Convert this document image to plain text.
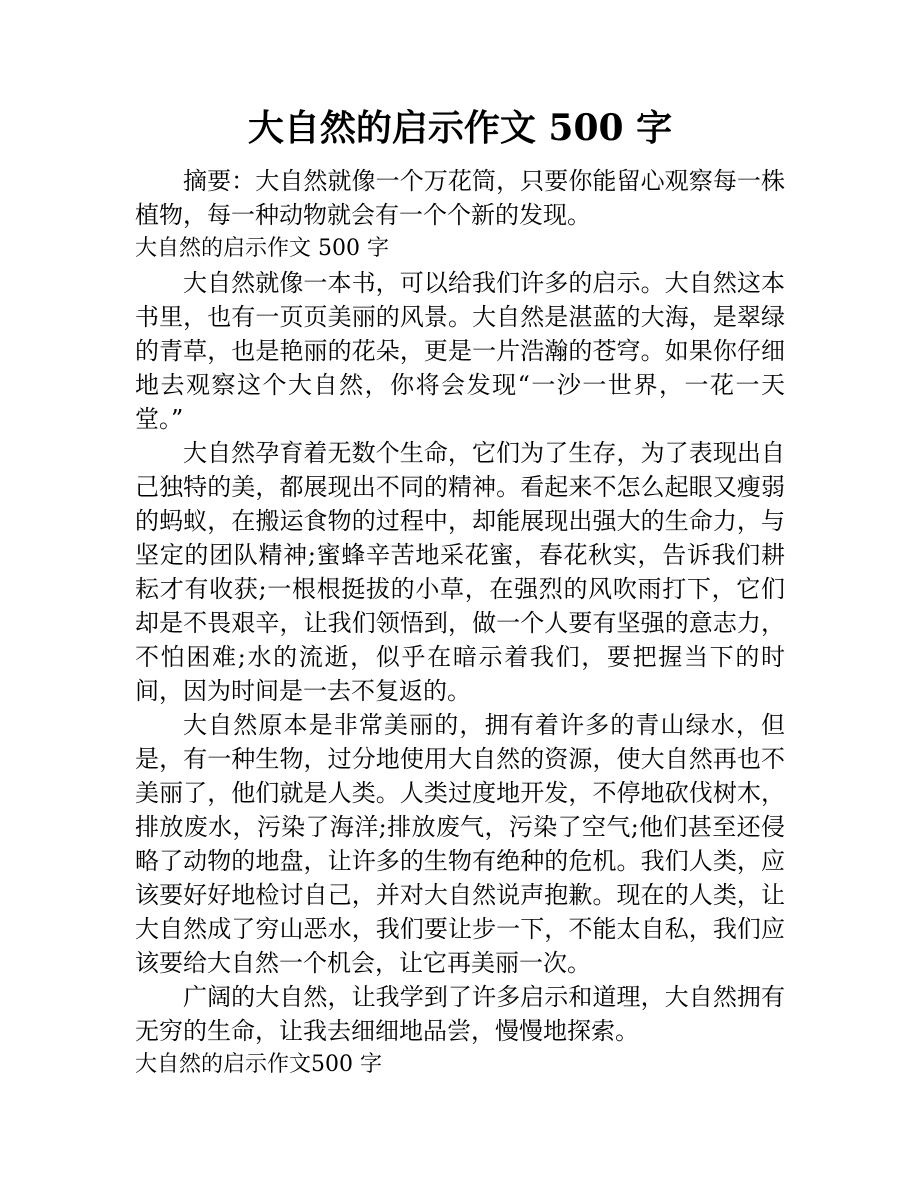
大自然的启示作文 500 字

摘要：大自然就像一个万花筒，只要你能留心观察每一株植物，每一种动物就会有一个个新的发现。

大自然的启示作文 500 字

大自然就像一本书，可以给我们许多的启示。大自然这本书里，也有一页页美丽的风景。大自然是湛蓝的大海，是翠绿的青草，也是艳丽的花朵，更是一片浩瀚的苍穹。如果你仔细地去观察这个大自然，你将会发现“一沙一世界，一花一天堂。”

大自然孕育着无数个生命，它们为了生存，为了表现出自己独特的美，都展现出不同的精神。看起来不怎么起眼又瘦弱的蚂蚁，在搬运食物的过程中，却能展现出强大的生命力，与坚定的团队精神;蜜蜂辛苦地采花蜜，春花秋实，告诉我们耕耘才有收获;一根根挺拔的小草，在强烈的风吹雨打下，它们却是不畏艰辛，让我们领悟到，做一个人要有坚强的意志力，不怕困难;水的流逝，似乎在暗示着我们，要把握当下的时间，因为时间是一去不复返的。

大自然原本是非常美丽的，拥有着许多的青山绿水，但是，有一种生物，过分地使用大自然的资源，使大自然再也不美丽了，他们就是人类。人类过度地开发，不停地砍伐树木，排放废水，污染了海洋;排放废气，污染了空气;他们甚至还侵略了动物的地盘，让许多的生物有绝种的危机。我们人类，应该要好好地检讨自己，并对大自然说声抱歉。现在的人类，让大自然成了穷山恶水，我们要让步一下，不能太自私，我们应该要给大自然一个机会，让它再美丽一次。

广阔的大自然，让我学到了许多启示和道理，大自然拥有无穷的生命，让我去细细地品尝，慢慢地探索。

大自然的启示作文500 字
